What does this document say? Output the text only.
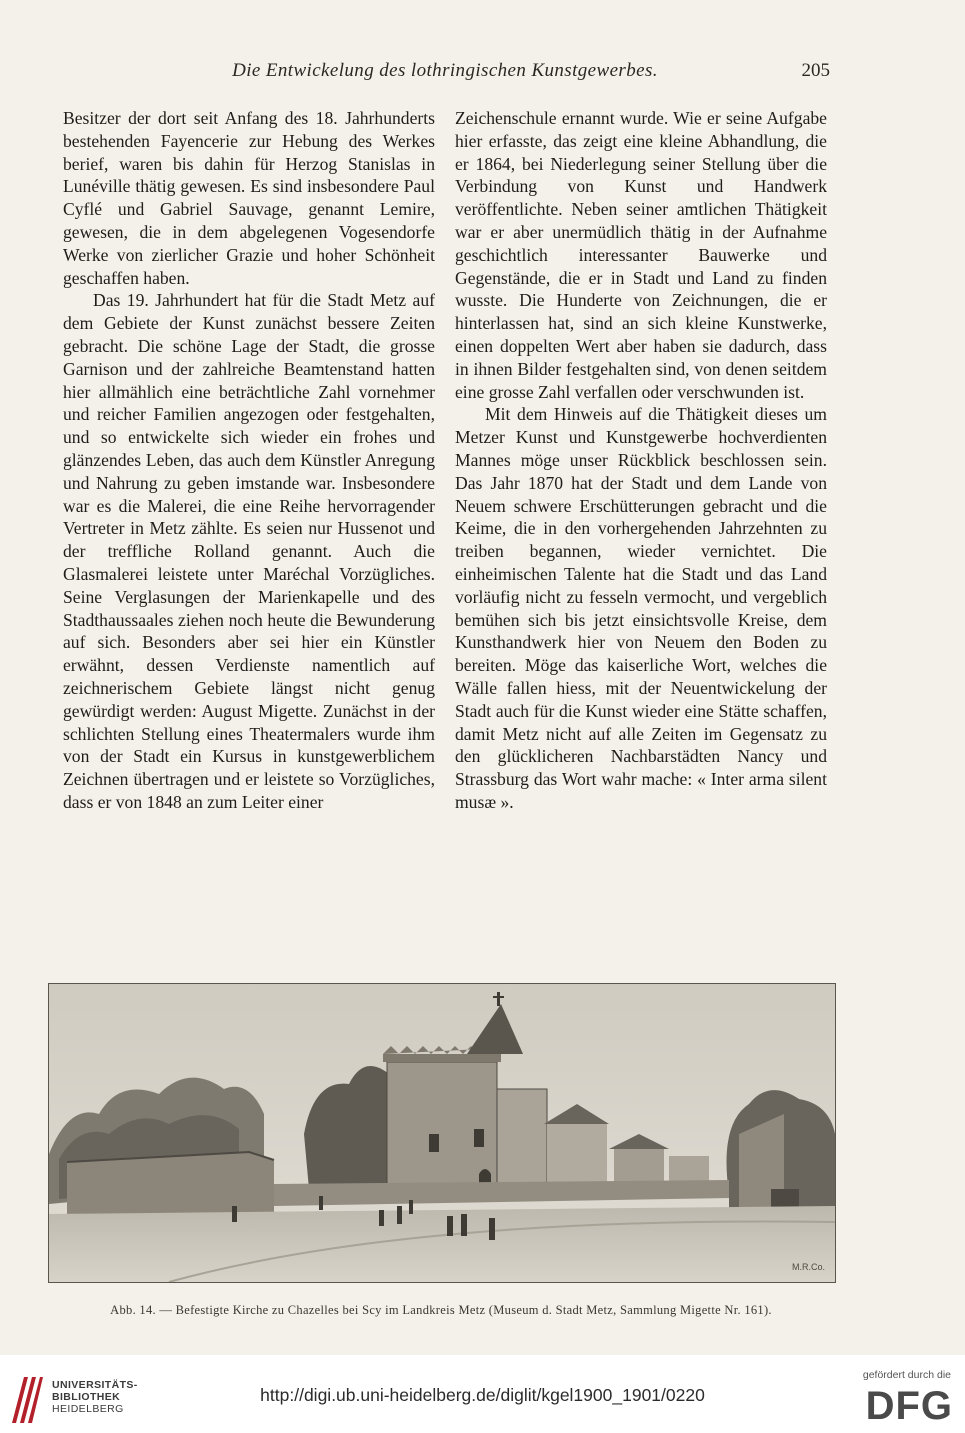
Die Entwickelung des lothringischen Kunstgewerbes.	205

Besitzer der dort seit Anfang des 18. Jahrhunderts bestehenden Fayencerie zur Hebung des Werkes berief, waren bis dahin für Herzog Stanislas in Lunéville thätig gewesen. Es sind insbesondere Paul Cyflé und Gabriel Sauvage, genannt Lemire, gewesen, die in dem abgelegenen Vogesendorfe Werke von zierlicher Grazie und hoher Schönheit geschaffen haben.

Das 19. Jahrhundert hat für die Stadt Metz auf dem Gebiete der Kunst zunächst bessere Zeiten gebracht. Die schöne Lage der Stadt, die grosse Garnison und der zahlreiche Beamtenstand hatten hier allmählich eine beträchtliche Zahl vornehmer und reicher Familien angezogen oder festgehalten, und so entwickelte sich wieder ein frohes und glänzendes Leben, das auch dem Künstler Anregung und Nahrung zu geben imstande war. Insbesondere war es die Malerei, die eine Reihe hervorragender Vertreter in Metz zählte. Es seien nur Hussenot und der treffliche Rolland genannt. Auch die Glasmalerei leistete unter Maréchal Vorzügliches. Seine Verglasungen der Marienkapelle und des Stadthaussaales ziehen noch heute die Bewunderung auf sich. Besonders aber sei hier ein Künstler erwähnt, dessen Verdienste namentlich auf zeichnerischem Gebiete längst nicht genug gewürdigt werden: August Migette. Zunächst in der schlichten Stellung eines Theatermalers wurde ihm von der Stadt ein Kursus in kunstgewerblichem Zeichnen übertragen und er leistete so Vorzügliches, dass er von 1848 an zum Leiter einer

Zeichenschule ernannt wurde. Wie er seine Aufgabe hier erfasste, das zeigt eine kleine Abhandlung, die er 1864, bei Niederlegung seiner Stellung über die Verbindung von Kunst und Handwerk veröffentlichte. Neben seiner amtlichen Thätigkeit war er aber unermüdlich thätig in der Aufnahme geschichtlich interessanter Bauwerke und Gegenstände, die er in Stadt und Land zu finden wusste. Die Hunderte von Zeichnungen, die er hinterlassen hat, sind an sich kleine Kunstwerke, einen doppelten Wert aber haben sie dadurch, dass in ihnen Bilder festgehalten sind, von denen seitdem eine grosse Zahl verfallen oder verschwunden ist.

Mit dem Hinweis auf die Thätigkeit dieses um Metzer Kunst und Kunstgewerbe hochverdienten Mannes möge unser Rückblick beschlossen sein. Das Jahr 1870 hat der Stadt und dem Lande von Neuem schwere Erschütterungen gebracht und die Keime, die in den vorhergehenden Jahrzehnten zu treiben begannen, wieder vernichtet. Die einheimischen Talente hat die Stadt und das Land vorläufig nicht zu fesseln vermocht, und vergeblich bemühen sich bis jetzt einsichtsvolle Kreise, dem Kunsthandwerk hier von Neuem den Boden zu bereiten. Möge das kaiserliche Wort, welches die Wälle fallen hiess, mit der Neuentwickelung der Stadt auch für die Kunst wieder eine Stätte schaffen, damit Metz nicht auf alle Zeiten im Gegensatz zu den glücklicheren Nachbarstädten Nancy und Strassburg das Wort wahr mache: « Inter arma silent musæ ».

M.R.Co.
Abb. 14. — Befestigte Kirche zu Chazelles bei Scy im Landkreis Metz (Museum d. Stadt Metz, Sammlung Migette Nr. 161).
UNIVERSITÄTS-
BIBLIOTHEK
HEIDELBERG
http://digi.ub.uni-heidelberg.de/diglit/kgel1900_1901/0220
gefördert durch die
DFG
